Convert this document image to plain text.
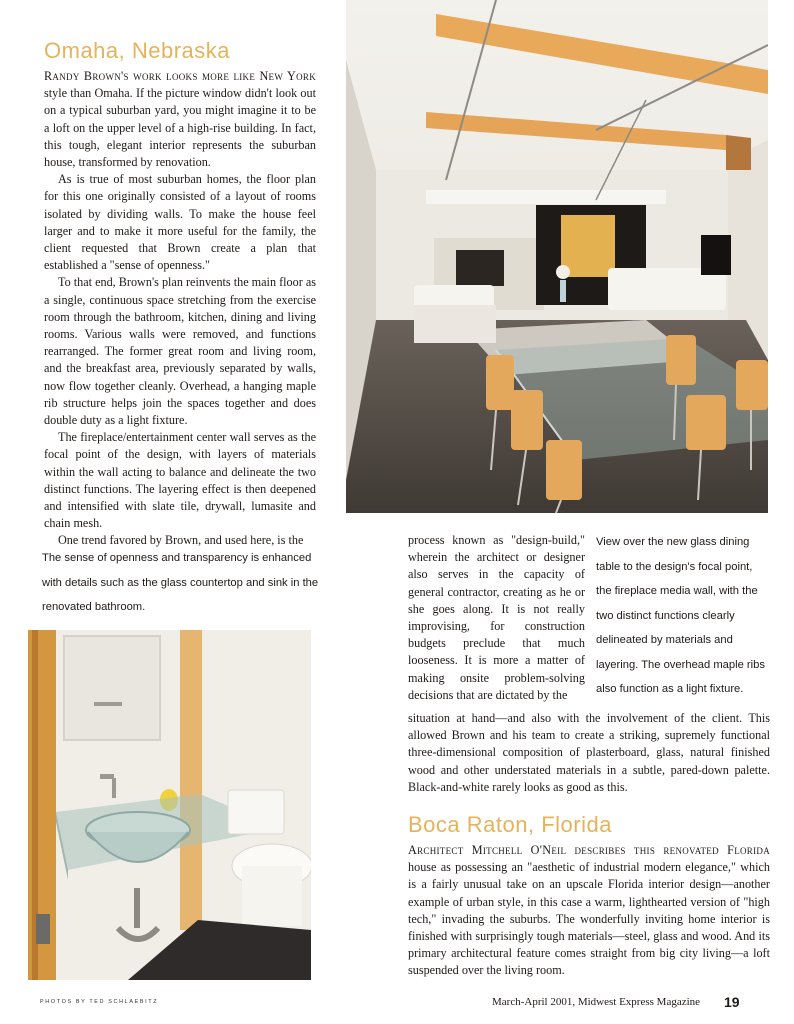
Omaha, Nebraska

Randy Brown's work looks more like New York style than Omaha. If the picture window didn't look out on a typical suburban yard, you might imagine it to be a loft on the upper level of a high-rise building. In fact, this tough, elegant interior represents the suburban house, transformed by renovation.

As is true of most suburban homes, the floor plan for this one originally consisted of a layout of rooms isolated by dividing walls. To make the house feel larger and to make it more useful for the family, the client requested that Brown create a plan that established a "sense of openness."

To that end, Brown's plan reinvents the main floor as a single, continuous space stretching from the exercise room through the bathroom, kitchen, dining and living rooms. Various walls were removed, and functions rearranged. The former great room and living room, and the breakfast area, previously separated by walls, now flow together cleanly. Overhead, a hanging maple rib structure helps join the spaces together and does double duty as a light fixture.

The fireplace/entertainment center wall serves as the focal point of the design, with layers of materials within the wall acting to balance and delineate the two distinct functions. The layering effect is then deepened and intensified with slate tile, drywall, lumasite and chain mesh.

One trend favored by Brown, and used here, is the

The sense of openness and transparency is enhanced with details such as the glass countertop and sink in the renovated bathroom.

process known as "design-build," wherein the architect or designer also serves in the capacity of general contractor, creating as he or she goes along. It is not really improvising, for construction budgets preclude that much looseness. It is more a matter of making onsite problem-solving decisions that are dictated by the

View over the new glass dining table to the design's focal point, the fireplace media wall, with the two distinct functions clearly delineated by materials and layering. The overhead maple ribs also function as a light fixture.

situation at hand—and also with the involvement of the client. This allowed Brown and his team to create a striking, supremely functional three-dimensional composition of plasterboard, glass, natural finished wood and other understated materials in a subtle, pared-down palette. Black-and-white rarely looks as good as this.

Boca Raton, Florida

Architect Mitchell O'Neil describes this renovated Florida house as possessing an "aesthetic of industrial modern elegance," which is a fairly unusual take on an upscale Florida interior design—another example of urban style, in this case a warm, lighthearted version of "high tech," invading the suburbs. The wonderfully inviting home interior is finished with surprisingly tough materials—steel, glass and wood. And its primary architectural feature comes straight from big city living—a loft suspended over the living room.

PHOTOS BY TED SCHLAEBITZ	March-April 2001, Midwest Express Magazine 19
